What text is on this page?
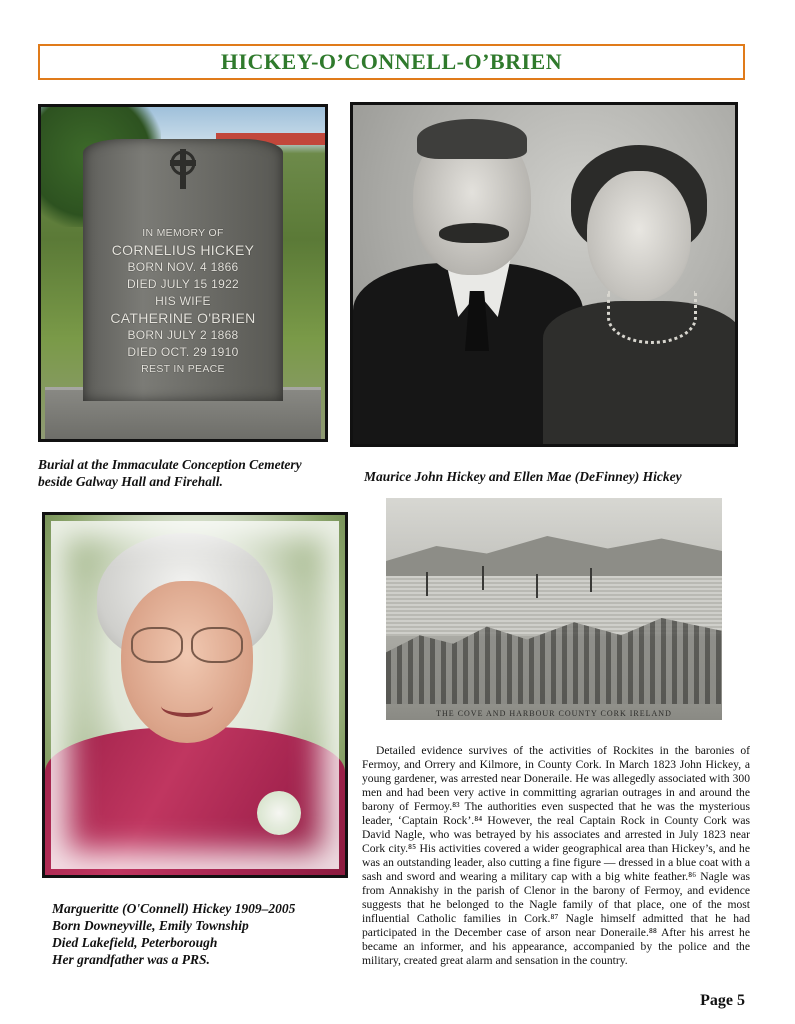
HICKEY-O’CONNELL-O’BRIEN
IN MEMORY OF
CORNELIUS HICKEY
BORN NOV. 4 1866
DIED JULY 15 1922
HIS WIFE
CATHERINE O'BRIEN
BORN JULY 2 1868
DIED OCT. 29 1910
REST IN PEACE
Burial at the Immaculate Conception Cemetery
beside Galway Hall and Firehall.	Maurice John Hickey and Ellen Mae (DeFinney) Hickey
Margueritte (O'Connell) Hickey 1909–2005
Born Downeyville, Emily Township
Died Lakefield, Peterborough
Her grandfather was a PRS.
THE COVE AND HARBOUR COUNTY CORK IRELAND
Detailed evidence survives of the activities of Rockites in the baronies of Fermoy, and Orrery and Kilmore, in County Cork. In March 1823 John Hickey, a young gardener, was arrested near Doneraile. He was allegedly associated with 300 men and had been very active in committing agrarian outrages in and around the barony of Fermoy.⁸³ The authorities even suspected that he was the mysterious leader, ‘Captain Rock’.⁸⁴ However, the real Captain Rock in County Cork was David Nagle, who was betrayed by his associates and arrested in July 1823 near Cork city.⁸⁵ His activities covered a wider geographical area than Hickey’s, and he was an outstanding leader, also cutting a fine figure — dressed in a blue coat with a sash and sword and wearing a military cap with a big white feather.⁸⁶ Nagle was from Annakishy in the parish of Clenor in the barony of Fermoy, and evidence suggests that he belonged to the Nagle family of that place, one of the most influential Catholic families in Cork.⁸⁷ Nagle himself admitted that he had participated in the December case of arson near Doneraile.⁸⁸ After his arrest he became an informer, and his appearance, accompanied by the police and the military, created great alarm and sensation in the country.
Page 5
